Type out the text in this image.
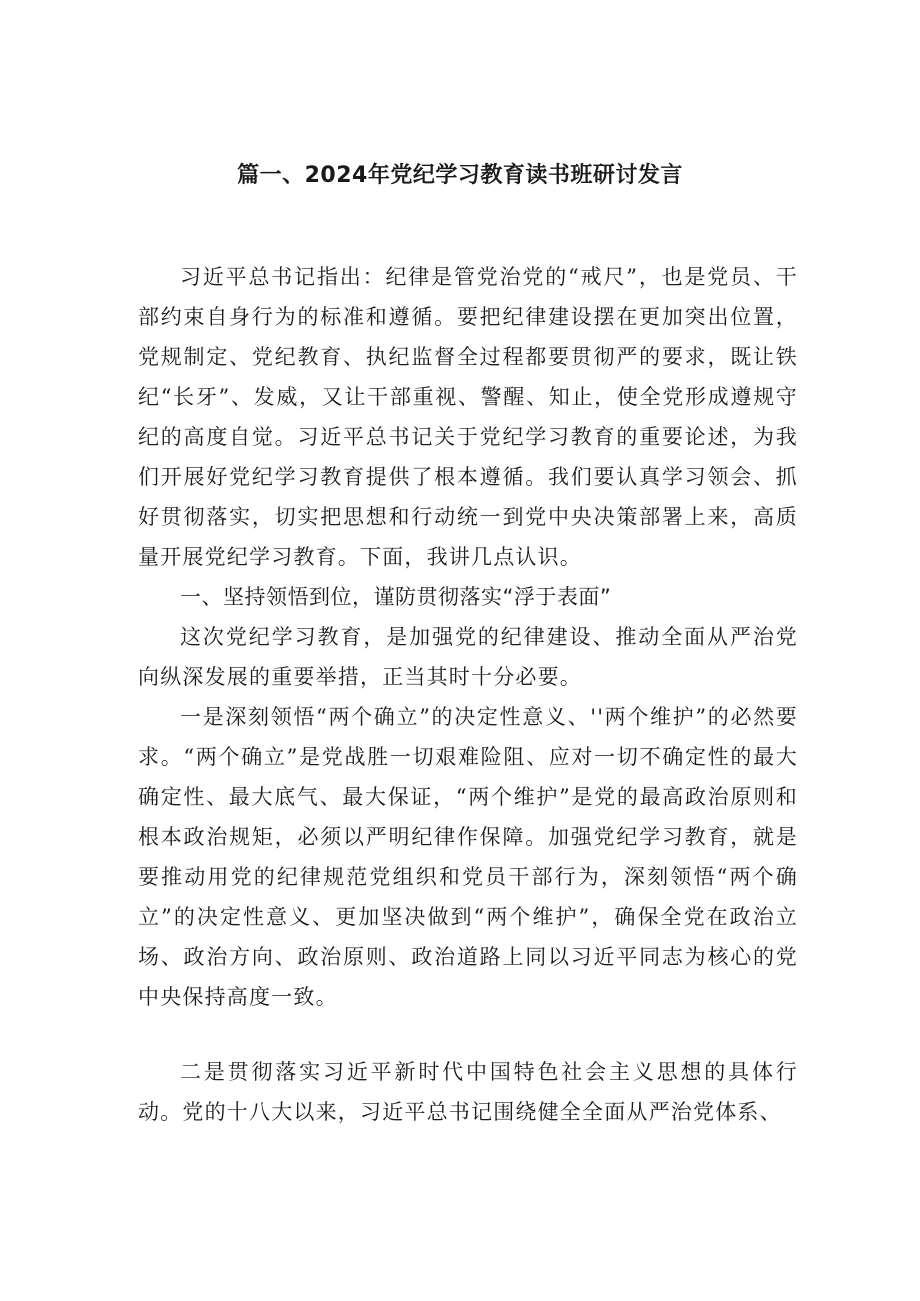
篇一、2024年党纪学习教育读书班研讨发言

习近平总书记指出：纪律是管党治党的“戒尺”，也是党员、干部约束自身行为的标准和遵循。要把纪律建设摆在更加突出位置，党规制定、党纪教育、执纪监督全过程都要贯彻严的要求，既让铁纪“长牙”、发威，又让干部重视、警醒、知止，使全党形成遵规守纪的高度自觉。习近平总书记关于党纪学习教育的重要论述，为我们开展好党纪学习教育提供了根本遵循。我们要认真学习领会、抓好贯彻落实，切实把思想和行动统一到党中央决策部署上来，高质量开展党纪学习教育。下面，我讲几点认识。

一、坚持领悟到位，谨防贯彻落实“浮于表面”

这次党纪学习教育，是加强党的纪律建设、推动全面从严治党向纵深发展的重要举措，正当其时十分必要。

一是深刻领悟“两个确立”的决定性意义、''两个维护”的必然要求。“两个确立”是党战胜一切艰难险阻、应对一切不确定性的最大确定性、最大底气、最大保证，“两个维护”是党的最高政治原则和根本政治规矩，必须以严明纪律作保障。加强党纪学习教育，就是要推动用党的纪律规范党组织和党员干部行为，深刻领悟“两个确立”的决定性意义、更加坚决做到“两个维护”，确保全党在政治立场、政治方向、政治原则、政治道路上同以习近平同志为核心的党中央保持高度一致。

二是贯彻落实习近平新时代中国特色社会主义思想的具体行动。党的十八大以来，习近平总书记围绕健全全面从严治党体系、
